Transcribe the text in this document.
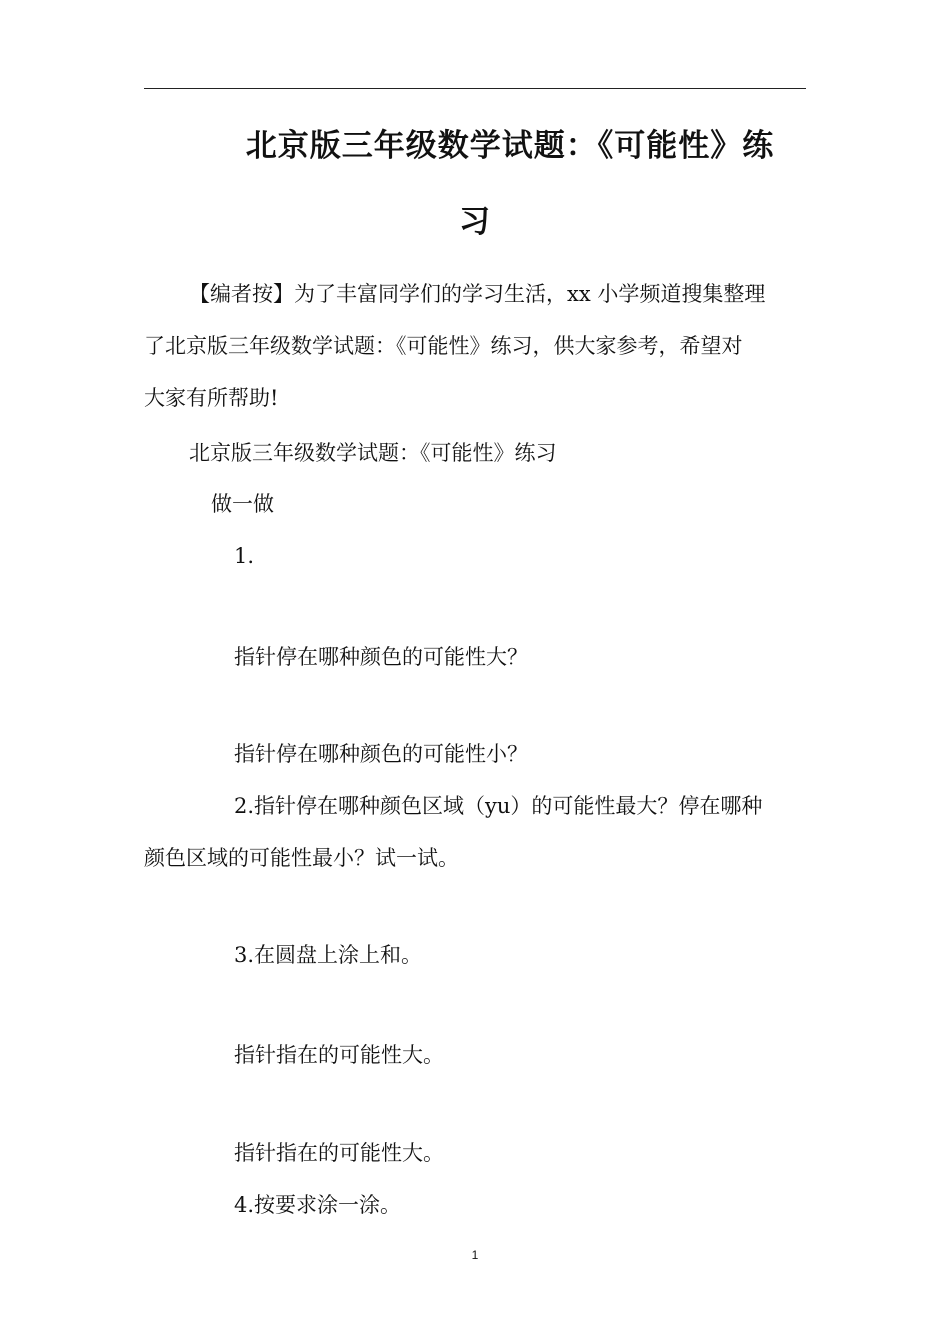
北京版三年级数学试题：《可能性》练
习

【编者按】为了丰富同学们的学习生活，xx 小学频道搜集整理

了北京版三年级数学试题：《可能性》练习，供大家参考，希望对

大家有所帮助!

北京版三年级数学试题：《可能性》练习

做一做

1.

指针停在哪种颜色的可能性大？

指针停在哪种颜色的可能性小？

2.指针停在哪种颜色区域（yu）的可能性最大？停在哪种

颜色区域的可能性最小？试一试。

3.在圆盘上涂上和。

指针指在的可能性大。

指针指在的可能性大。

4.按要求涂一涂。

1
